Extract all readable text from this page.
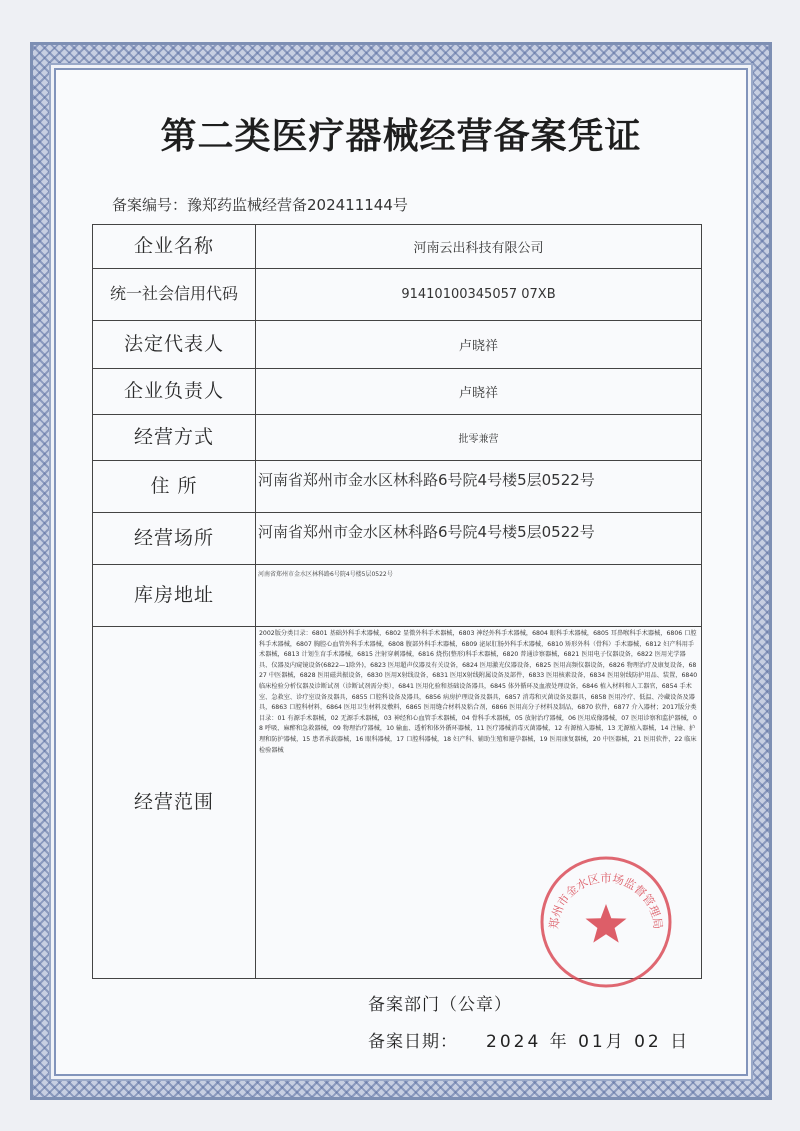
第二类医疗器械经营备案凭证
备案编号：豫郑药监械经营备202411144号
企业名称	河南云出科技有限公司
统一社会信用代码	91410100345057 07XB
法定代表人	卢晓祥
企业负责人	卢晓祥
经营方式	批零兼营
住 所	河南省郑州市金水区林科路6号院4号楼5层0522号
经营场所	河南省郑州市金水区林科路6号院4号楼5层0522号
库房地址	河南省郑州市金水区林科路6号院4号楼5层0522号
经营范围	2002版分类目录：6801 基础外科手术器械，6802 显微外科手术器械，6803 神经外科手术器械，6804 眼科手术器械，6805 耳鼻喉科手术器械，6806 口腔科手术器械，6807 胸腔心血管外科手术器械，6808 腹部外科手术器械，6809 泌尿肛肠外科手术器械，6810 矫形外科（骨科）手术器械，6812 妇产科用手术器械，6813 计划生育手术器械，6815 注射穿刺器械，6816 烧伤(整形)科手术器械，6820 普通诊察器械，6821 医用电子仪器设备，6822 医用光学器具、仪器及内窥镜设备(6822—1除外)，6823 医用超声仪器及有关设备，6824 医用激光仪器设备，6825 医用高频仪器设备，6826 物理治疗及康复设备，6827 中医器械，6828 医用磁共振设备，6830 医用X射线设备，6831 医用X射线附属设备及部件，6833 医用核素设备，6834 医用射线防护用品、装置，6840 临床检验分析仪器及诊断试剂（诊断试剂需分类），6841 医用化验和基础设备器具，6845 体外循环及血液处理设备，6846 植入材料和人工器官，6854 手术室、急救室、诊疗室设备及器具，6855 口腔科设备及器具，6856 病房护理设备及器具，6857 消毒和灭菌设备及器具，6858 医用冷疗、低温、冷藏设备及器具，6863 口腔科材料，6864 医用卫生材料及敷料，6865 医用缝合材料及粘合剂，6866 医用高分子材料及制品，6870 软件，6877 介入器材；2017版分类目录：01 有源手术器械，02 无源手术器械，03 神经和心血管手术器械，04 骨科手术器械，05 放射治疗器械，06 医用成像器械，07 医用诊察和监护器械，08 呼吸、麻醉和急救器械，09 物理治疗器械，10 输血、透析和体外循环器械，11 医疗器械消毒灭菌器械，12 有源植入器械，13 无源植入器械，14 注输、护理和防护器械，15 患者承载器械，16 眼科器械，17 口腔科器械，18 妇产科、辅助生殖和避孕器械，19 医用康复器械，20 中医器械，21 医用软件，22 临床检验器械
郑州市金水区市场监督管理局
备案部门（公章）
备案日期： 2024 年 01月 02 日
